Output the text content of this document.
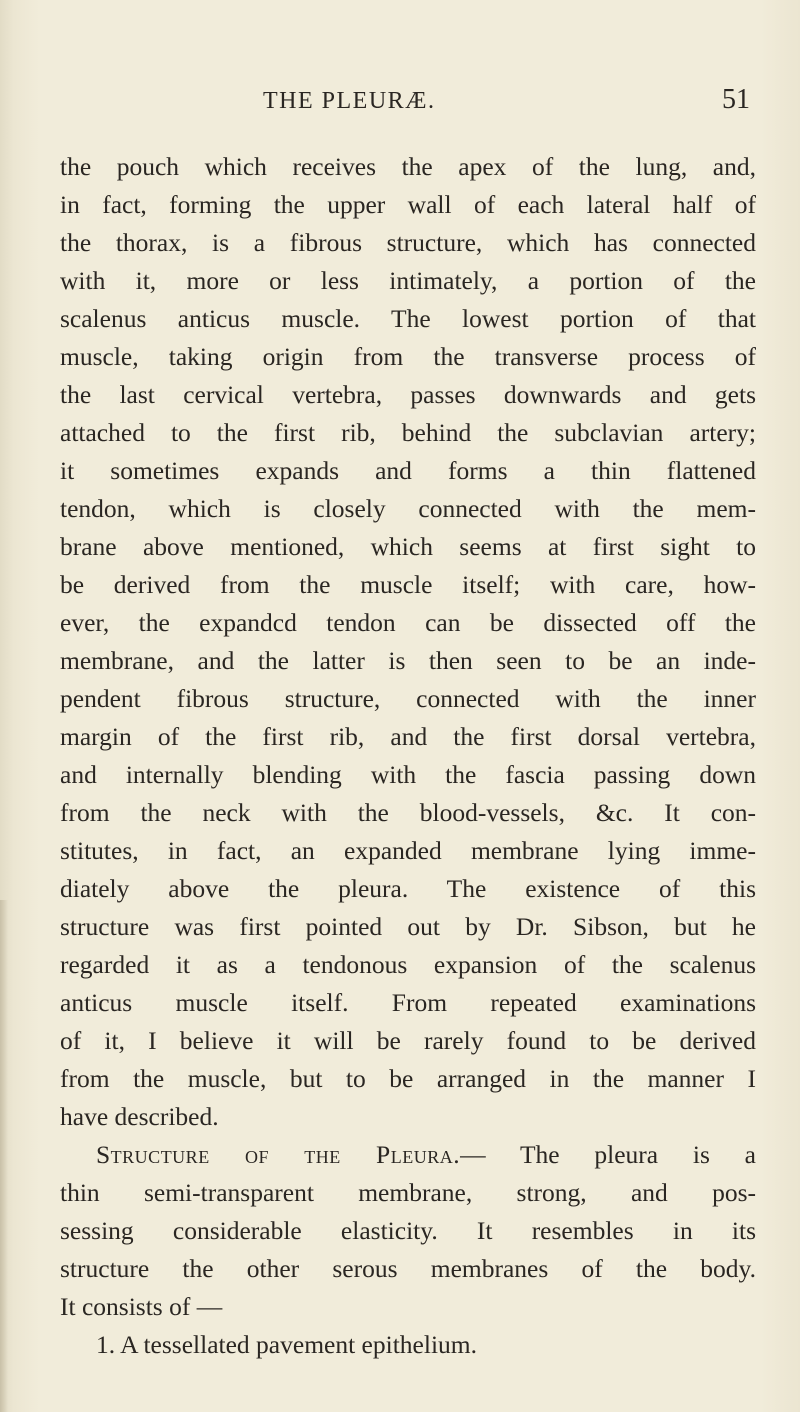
THE PLEURÆ.	51
the pouch which receives the apex of the lung, and,
in fact, forming the upper wall of each lateral half of
the thorax, is a fibrous structure, which has connected
with it, more or less intimately, a portion of the
scalenus anticus muscle. The lowest portion of that
muscle, taking origin from the transverse process of
the last cervical vertebra, passes downwards and gets
attached to the first rib, behind the subclavian artery;
it sometimes expands and forms a thin flattened
tendon, which is closely connected with the mem-
brane above mentioned, which seems at first sight to
be derived from the muscle itself; with care, how-
ever, the expandcd tendon can be dissected off the
membrane, and the latter is then seen to be an inde-
pendent fibrous structure, connected with the inner
margin of the first rib, and the first dorsal vertebra,
and internally blending with the fascia passing down
from the neck with the blood-vessels, &c. It con-
stitutes, in fact, an expanded membrane lying imme-
diately above the pleura. The existence of this
structure was first pointed out by Dr. Sibson, but he
regarded it as a tendonous expansion of the scalenus
anticus muscle itself. From repeated examinations
of it, I believe it will be rarely found to be derived
from the muscle, but to be arranged in the manner I
have described.
Structure of the Pleura.— The pleura is a
thin semi-transparent membrane, strong, and pos-
sessing considerable elasticity. It resembles in its
structure the other serous membranes of the body.
It consists of —
1. A tessellated pavement epithelium.
